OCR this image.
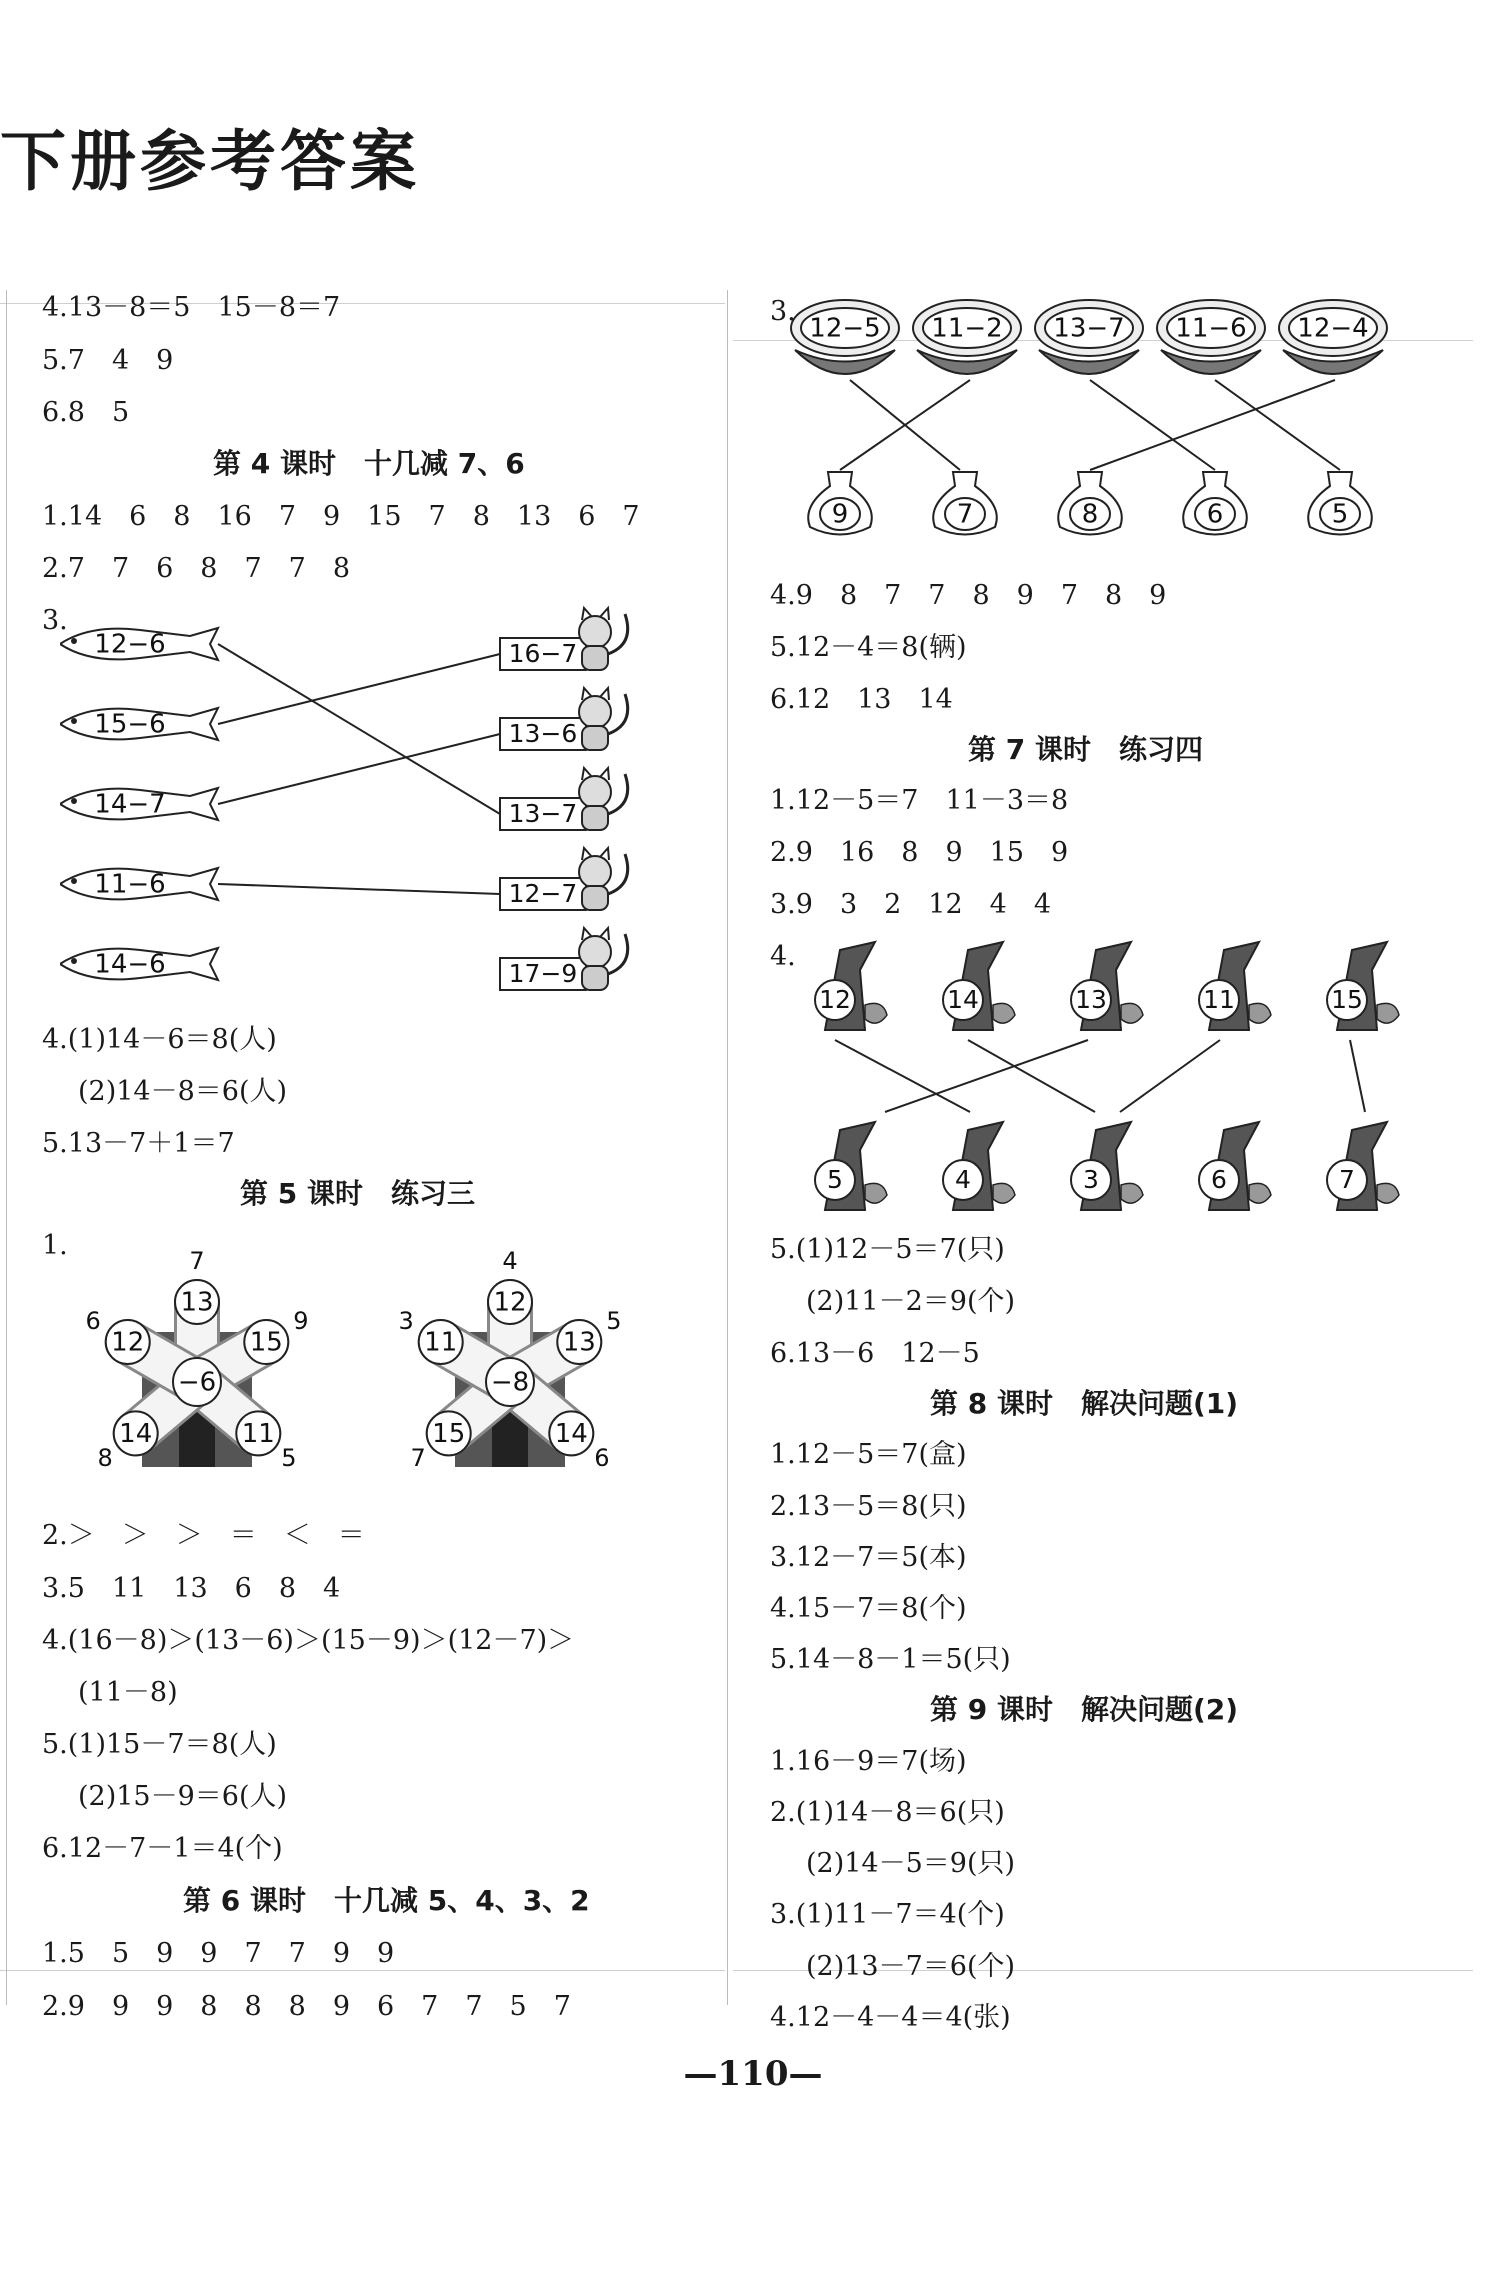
下册参考答案
4.13－8＝5　15－8＝7
5.7　4　9
6.8　5
第 4 课时　十几减 7、6
1.14　6　8　16　7　9　15　7　8　13　6　7
2.7　7　6　8　7　7　8
3.
12−6
15−6
14−7
11−6
14−6
16−7
13−6
13−7
12−7
17−9
4.(1)14－6＝8(人)
(2)14－8＝6(人)
5.13－7＋1＝7
第 5 课时　练习三
1.
13
7
15
9
11
5
14
8
12
6
−6
12
4
13
5
14
6
15
7
11
3
−8
2.＞　＞　＞　＝　＜　＝
3.5　11　13　6　8　4
4.(16－8)＞(13－6)＞(15－9)＞(12－7)＞
(11－8)
5.(1)15－7＝8(人)
(2)15－9＝6(人)
6.12－7－1＝4(个)
第 6 课时　十几减 5、4、3、2
1.5　5　9　9　7　7　9　9
2.9　9　9　8　8　8　9　6　7　7　5　7
3.
12−5 11−2 13−7 11−6 12−4
9	7	8	6	5
4.9　8　7　7　8　9　7　8　9
5.12－4＝8(辆)
6.12　13　14
第 7 课时　练习四
1.12－5＝7　11－3＝8
2.9　16　8　9　15　9
3.9　3　2　12　4　4
4.
12	14	13	11	15
5	4	3	6	7
5.(1)12－5＝7(只)
(2)11－2＝9(个)
6.13－6　12－5
第 8 课时　解决问题(1)
1.12－5＝7(盒)
2.13－5＝8(只)
3.12－7＝5(本)
4.15－7＝8(个)
5.14－8－1＝5(只)
第 9 课时　解决问题(2)
1.16－9＝7(场)
2.(1)14－8＝6(只)
(2)14－5＝9(只)
3.(1)11－7＝4(个)
(2)13－7＝6(个)
4.12－4－4＝4(张)
—110—
